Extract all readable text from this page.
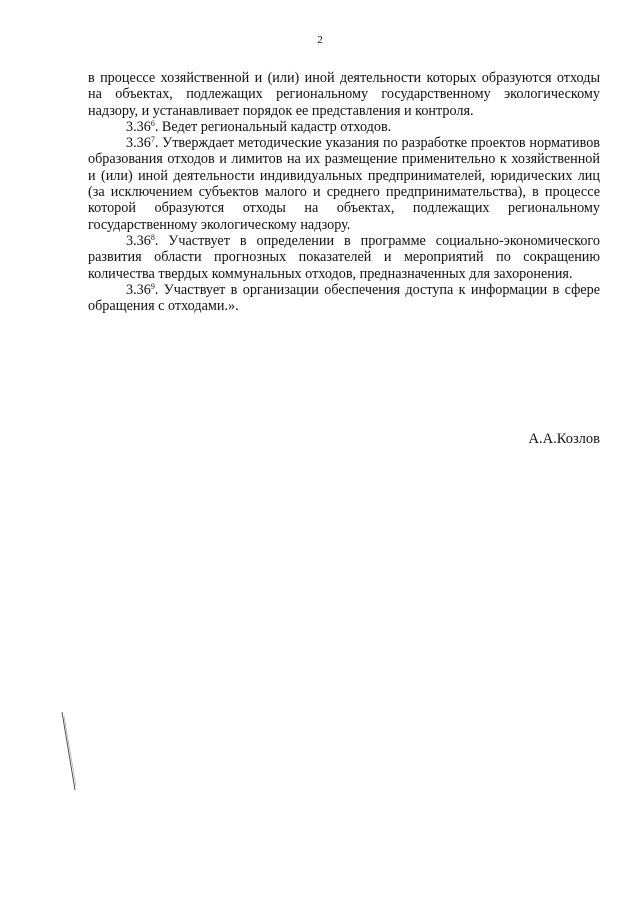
2

в процессе хозяйственной и (или) иной деятельности которых образуются отходы на объектах, подлежащих региональному государственному экологическому надзору, и устанавливает порядок ее представления и контроля.

3.36$^6$. Ведет региональный кадастр отходов.

3.36$^7$. Утверждает методические указания по разработке проектов нормативов образования отходов и лимитов на их размещение применительно к хозяйственной и (или) иной деятельности индивидуальных предпринимателей, юридических лиц (за исключением субъектов малого и среднего предпринимательства), в процессе которой образуются отходы на объектах, подлежащих региональному государственному экологическому надзору.

3.36$^8$. Участвует в определении в программе социально-экономического развития области прогнозных показателей и мероприятий по сокращению количества твердых коммунальных отходов, предназначенных для захоронения.

3.36$^9$. Участвует в организации обеспечения доступа к информации в сфере обращения с отходами.».

А.А.Козлов
